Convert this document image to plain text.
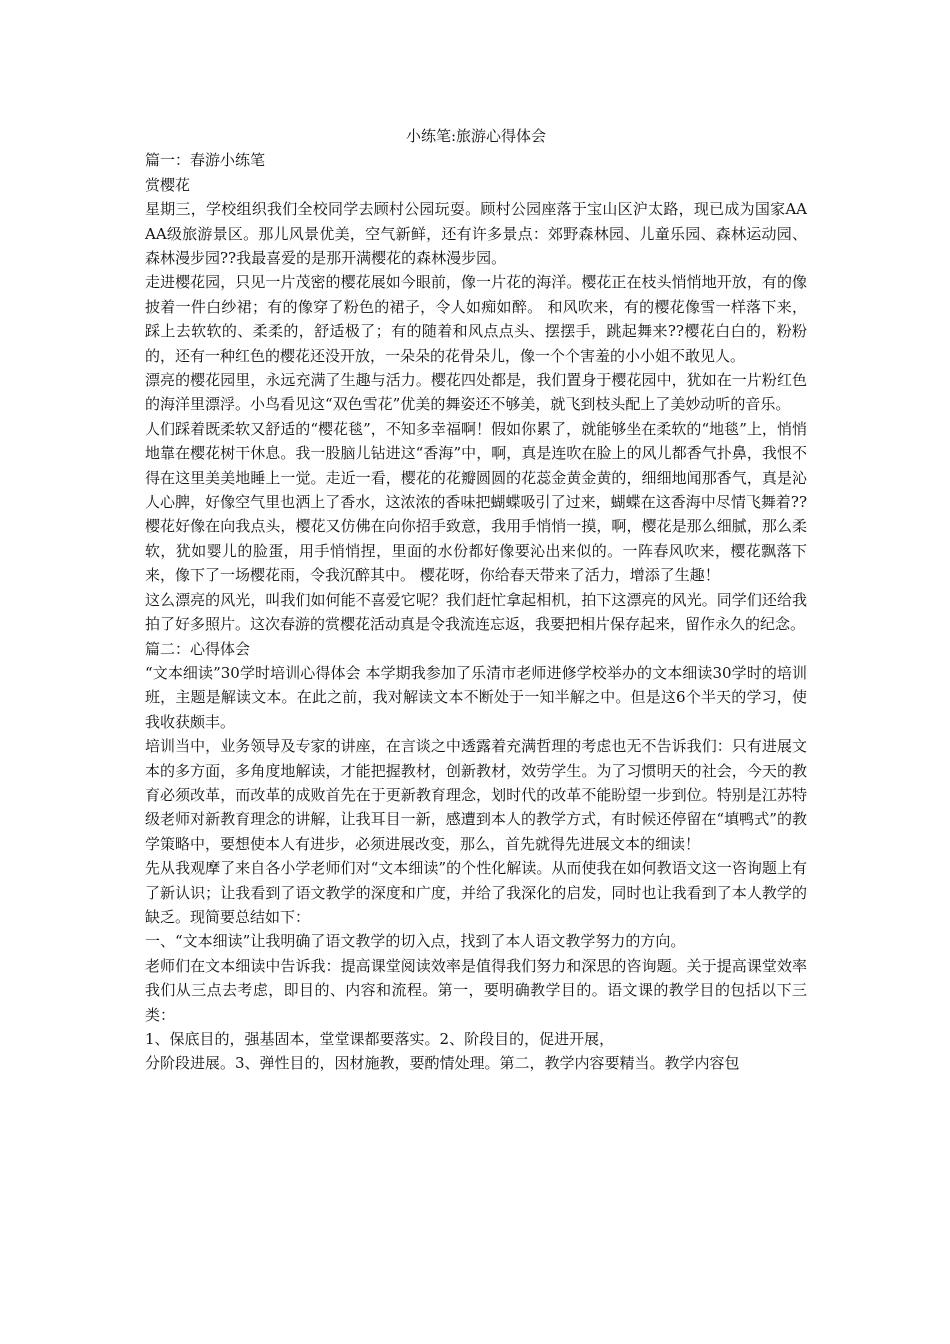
小练笔:旅游心得体会

篇一：春游小练笔

赏樱花

星期三，学校组织我们全校同学去顾村公园玩耍。顾村公园座落于宝山区沪太路，现已成为国家AAAA级旅游景区。那儿风景优美，空气新鲜，还有许多景点：郊野森林园、儿童乐园、森林运动园、森林漫步园??我最喜爱的是那开满樱花的森林漫步园。

走进樱花园，只见一片茂密的樱花展如今眼前，像一片花的海洋。樱花正在枝头悄悄地开放，有的像披着一件白纱裙；有的像穿了粉色的裙子，令人如痴如醉。 和风吹来，有的樱花像雪一样落下来，踩上去软软的、柔柔的，舒适极了；有的随着和风点点头、摆摆手，跳起舞来??樱花白白的，粉粉的，还有一种红色的樱花还没开放，一朵朵的花骨朵儿，像一个个害羞的小小姐不敢见人。

漂亮的樱花园里，永远充满了生趣与活力。樱花四处都是，我们置身于樱花园中，犹如在一片粉红色的海洋里漂浮。小鸟看见这“双色雪花”优美的舞姿还不够美，就飞到枝头配上了美妙动听的音乐。

人们踩着既柔软又舒适的“樱花毯”，不知多幸福啊！假如你累了，就能够坐在柔软的“地毯”上，悄悄地靠在樱花树干休息。我一股脑儿钻进这“香海”中，啊，真是连吹在脸上的风儿都香气扑鼻，我恨不得在这里美美地睡上一觉。走近一看，樱花的花瓣圆圆的花蕊金黄金黄的，细细地闻那香气，真是沁人心脾，好像空气里也洒上了香水，这浓浓的香味把蝴蝶吸引了过来，蝴蝶在这香海中尽情飞舞着?? 樱花好像在向我点头，樱花又仿佛在向你招手致意，我用手悄悄一摸，啊，樱花是那么细腻，那么柔软，犹如婴儿的脸蛋，用手悄悄捏，里面的水份都好像要沁出来似的。一阵春风吹来，樱花飘落下来，像下了一场樱花雨，令我沉醉其中。 樱花呀，你给春天带来了活力，增添了生趣！

这么漂亮的风光，叫我们如何能不喜爱它呢？我们赶忙拿起相机，拍下这漂亮的风光。同学们还给我拍了好多照片。这次春游的赏樱花活动真是令我流连忘返，我要把相片保存起来，留作永久的纪念。

篇二：心得体会

“文本细读”30学时培训心得体会 本学期我参加了乐清市老师进修学校举办的文本细读30学时的培训班，主题是解读文本。在此之前，我对解读文本不断处于一知半解之中。但是这6个半天的学习，使我收获颇丰。

培训当中，业务领导及专家的讲座，在言谈之中透露着充满哲理的考虑也无不告诉我们：只有进展文本的多方面，多角度地解读，才能把握教材，创新教材，效劳学生。为了习惯明天的社会，今天的教育必须改革，而改革的成败首先在于更新教育理念，划时代的改革不能盼望一步到位。特别是江苏特级老师对新教育理念的讲解，让我耳目一新，感遭到本人的教学方式，有时候还停留在“填鸭式”的教学策略中，要想使本人有进步，必须进展改变，那么，首先就得先进展文本的细读！

先从我观摩了来自各小学老师们对“文本细读”的个性化解读。从而使我在如何教语文这一咨询题上有了新认识；让我看到了语文教学的深度和广度，并给了我深化的启发，同时也让我看到了本人教学的缺乏。现简要总结如下：

一、“文本细读”让我明确了语文教学的切入点，找到了本人语文教学努力的方向。

老师们在文本细读中告诉我：提高课堂阅读效率是值得我们努力和深思的咨询题。关于提高课堂效率我们从三点去考虑，即目的、内容和流程。第一，要明确教学目的。语文课的教学目的包括以下三类：

1、保底目的，强基固本，堂堂课都要落实。2、阶段目的，促进开展，

分阶段进展。3、弹性目的，因材施教，要酌情处理。第二，教学内容要精当。教学内容包
